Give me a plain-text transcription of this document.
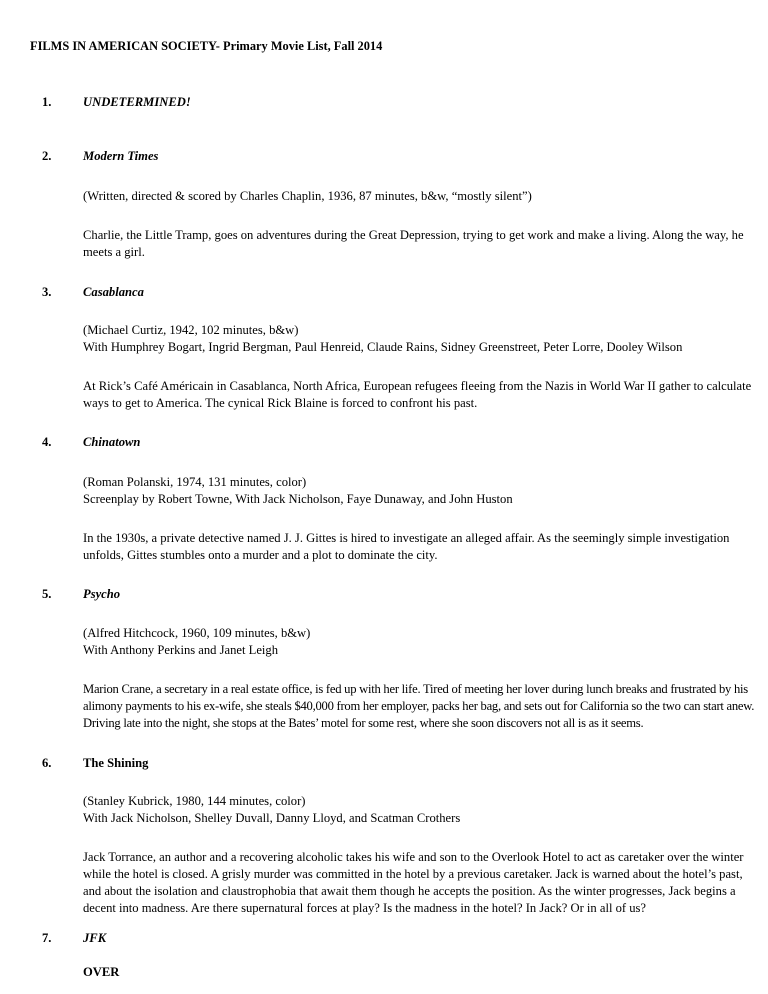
FILMS IN AMERICAN SOCIETY- Primary Movie List, Fall 2014
1.	UNDETERMINED!
2.	Modern Times
(Written, directed & scored by Charles Chaplin, 1936, 87 minutes, b&w, “mostly silent”)
Charlie, the Little Tramp, goes on adventures during the Great Depression, trying to get work and make a living. Along the way, he meets a girl.
3.	Casablanca
(Michael Curtiz, 1942, 102 minutes, b&w)
With Humphrey Bogart, Ingrid Bergman, Paul Henreid, Claude Rains, Sidney Greenstreet, Peter Lorre, Dooley Wilson
At Rick’s Café Américain in Casablanca, North Africa, European refugees fleeing from the Nazis in World War II gather to calculate ways to get to America. The cynical Rick Blaine is forced to confront his past.
4.	Chinatown
(Roman Polanski, 1974, 131 minutes, color)
Screenplay by Robert Towne, With Jack Nicholson, Faye Dunaway, and John Huston
In the 1930s, a private detective named J. J. Gittes is hired to investigate an alleged affair. As the seemingly simple investigation unfolds, Gittes stumbles onto a murder and a plot to dominate the city.
5.	Psycho
(Alfred Hitchcock, 1960, 109 minutes, b&w)
With Anthony Perkins and Janet Leigh
Marion Crane, a secretary in a real estate office, is fed up with her life. Tired of meeting her lover during lunch breaks and frustrated by his alimony payments to his ex-wife, she steals $40,000 from her employer, packs her bag, and sets out for California so the two can start anew. Driving late into the night, she stops at the Bates’ motel for some rest, where she soon discovers not all is as it seems.
6.	The Shining
(Stanley Kubrick, 1980, 144 minutes, color)
With Jack Nicholson, Shelley Duvall, Danny Lloyd, and Scatman Crothers
Jack Torrance, an author and a recovering alcoholic takes his wife and son to the Overlook Hotel to act as caretaker over the winter while the hotel is closed. A grisly murder was committed in the hotel by a previous caretaker. Jack is warned about the hotel’s past, and about the isolation and claustrophobia that await them though he accepts the position. As the winter progresses, Jack begins a decent into madness. Are there supernatural forces at play? Is the madness in the hotel? In Jack? Or in all of us?
7.	JFK
OVER
